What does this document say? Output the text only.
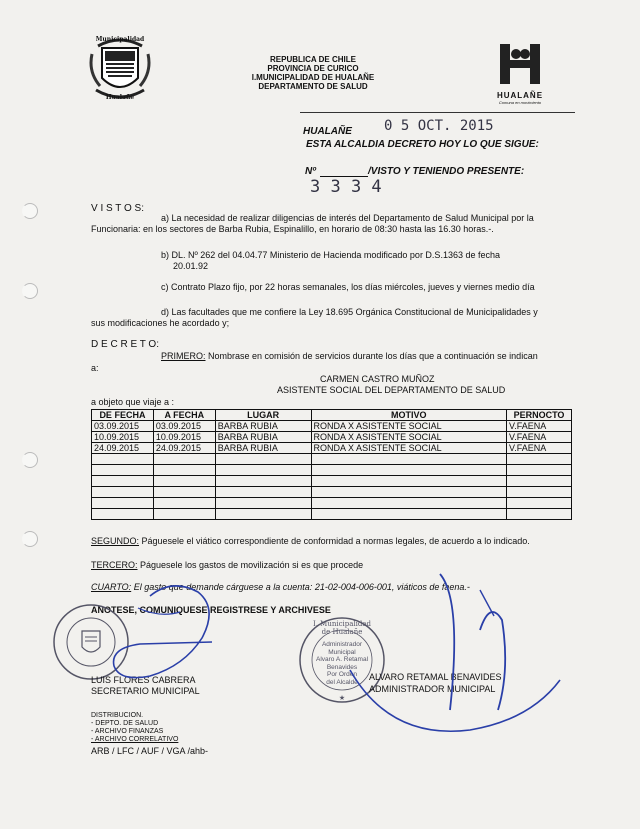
Municipalidad
Hualañe
REPUBLICA DE CHILE
PROVINCIA DE CURICO
I.MUNICIPALIDAD DE HUALAÑE
DEPARTAMENTO DE SALUD
HUALAÑE
Comuna en movimiento
HUALAÑE 0 5 OCT. 2015
ESTA ALCALDIA DECRETO HOY LO QUE SIGUE:
Nº	/VISTO Y TENIENDO PRESENTE:
3 3 3 4
V I S T O S:
a) La necesidad de realizar diligencias de interés del Departamento de Salud Municipal por la
Funcionaria: en los sectores de Barba Rubia, Espinalillo, en horario de 08:30 hasta las 16.30 horas.-.
b) DL. Nº 262 del 04.04.77 Ministerio de Hacienda modificado por D.S.1363 de fecha
20.01.92
c) Contrato Plazo fijo, por 22 horas semanales, los días miércoles, jueves y viernes medio día
d) Las facultades que me confiere la Ley 18.695 Orgánica Constitucional de Municipalidades y
sus modificaciones he acordado y;
D E C R E T O:
PRIMERO: Nombrase en comisión de servicios durante los días que a continuación se indican
a:
CARMEN CASTRO MUÑOZ
ASISTENTE SOCIAL DEL DEPARTAMENTO DE SALUD
a objeto que viaje a :
DE FECHA	A FECHA	LUGAR	MOTIVO	PERNOCTO
03.09.2015	03.09.2015	BARBA RUBIA	RONDA X ASISTENTE SOCIAL	V.FAENA
10.09.2015	10.09.2015	BARBA RUBIA	RONDA X ASISTENTE SOCIAL	V.FAENA
24.09.2015	24.09.2015	BARBA RUBIA	RONDA X ASISTENTE SOCIAL	V.FAENA

SEGUNDO: Páguesele el viático correspondiente de conformidad a normas legales, de acuerdo a lo indicado.
TERCERO: Páguesele los gastos de movilización si es que procede
CUARTO: El gasto que demande cárguese a la cuenta: 21-02-004-006-001, viáticos de faena.-
ANOTESE, COMUNIQUESE REGISTRESE Y ARCHIVESE
★
I. Municipalidad de Hualañe
Administrador
Municipal
Alvaro A. Retamal
Benavides
Por Orden
del Alcalde
LUIS FLORES CABRERA
SECRETARIO MUNICIPAL
ALVARO RETAMAL BENAVIDES
ADMINISTRADOR MUNICIPAL
DISTRIBUCION.
- DEPTO. DE SALUD
- ARCHIVO FINANZAS
- ARCHIVO CORRELATIVO
ARB / LFC / AUF / VGA /ahb-
